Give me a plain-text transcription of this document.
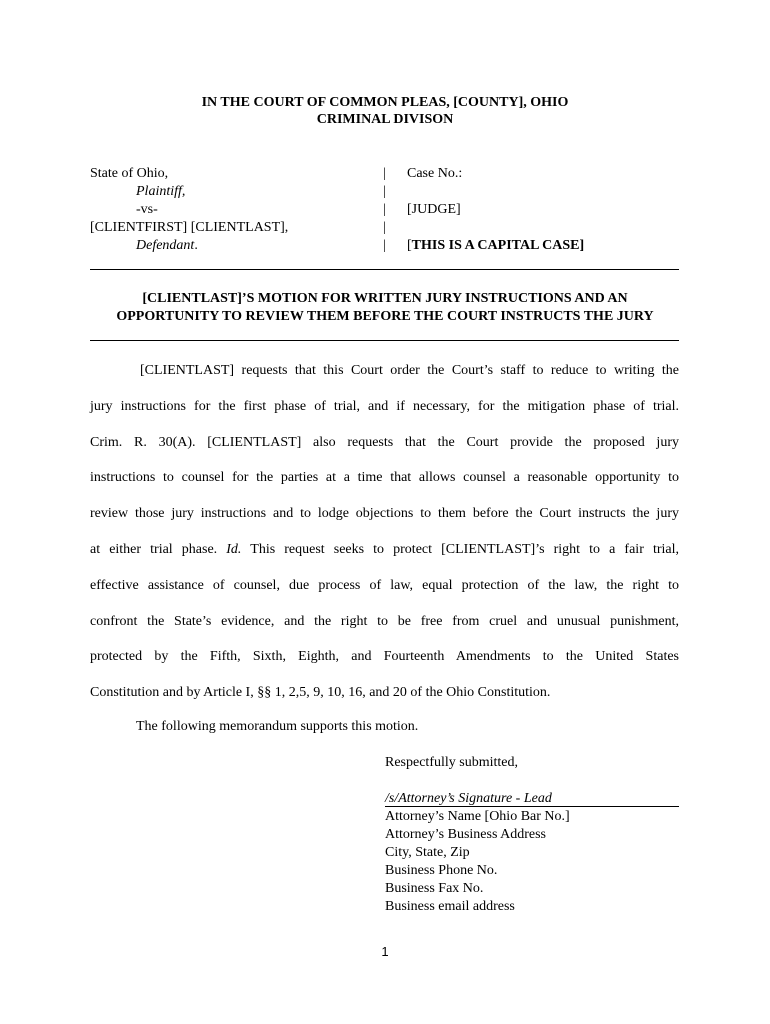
IN THE COURT OF COMMON PLEAS, [COUNTY], OHIO
CRIMINAL DIVISON
State of Ohio,
Plaintiff,
-vs-
[CLIENTFIRST] [CLIENTLAST],
Defendant.
|
|
|
|
|
Case No.:
[JUDGE]
[THIS IS A CAPITAL CASE]
[CLIENTLAST]’S MOTION FOR WRITTEN JURY INSTRUCTIONS AND AN
OPPORTUNITY TO REVIEW THEM BEFORE THE COURT INSTRUCTS THE JURY
[CLIENTLAST] requests that this Court order the Court’s staff to reduce to writing the
jury instructions for the first phase of trial, and if necessary, for the mitigation phase of trial.
Crim. R. 30(A). [CLIENTLAST] also requests that the Court provide the proposed jury
instructions to counsel for the parties at a time that allows counsel a reasonable opportunity to
review those jury instructions and to lodge objections to them before the Court instructs the jury
at either trial phase. Id. This request seeks to protect [CLIENTLAST]’s right to a fair trial,
effective assistance of counsel, due process of law, equal protection of the law, the right to
confront the State’s evidence, and the right to be free from cruel and unusual punishment,
protected by the Fifth, Sixth, Eighth, and Fourteenth Amendments to the United States
Constitution and by Article I, §§ 1, 2,5, 9, 10, 16, and 20 of the Ohio Constitution.
The following memorandum supports this motion.
Respectfully submitted,
/s/Attorney’s Signature - Lead
Attorney’s Name [Ohio Bar No.]
Attorney’s Business Address
City, State, Zip
Business Phone No.
Business Fax No.
Business email address
1
